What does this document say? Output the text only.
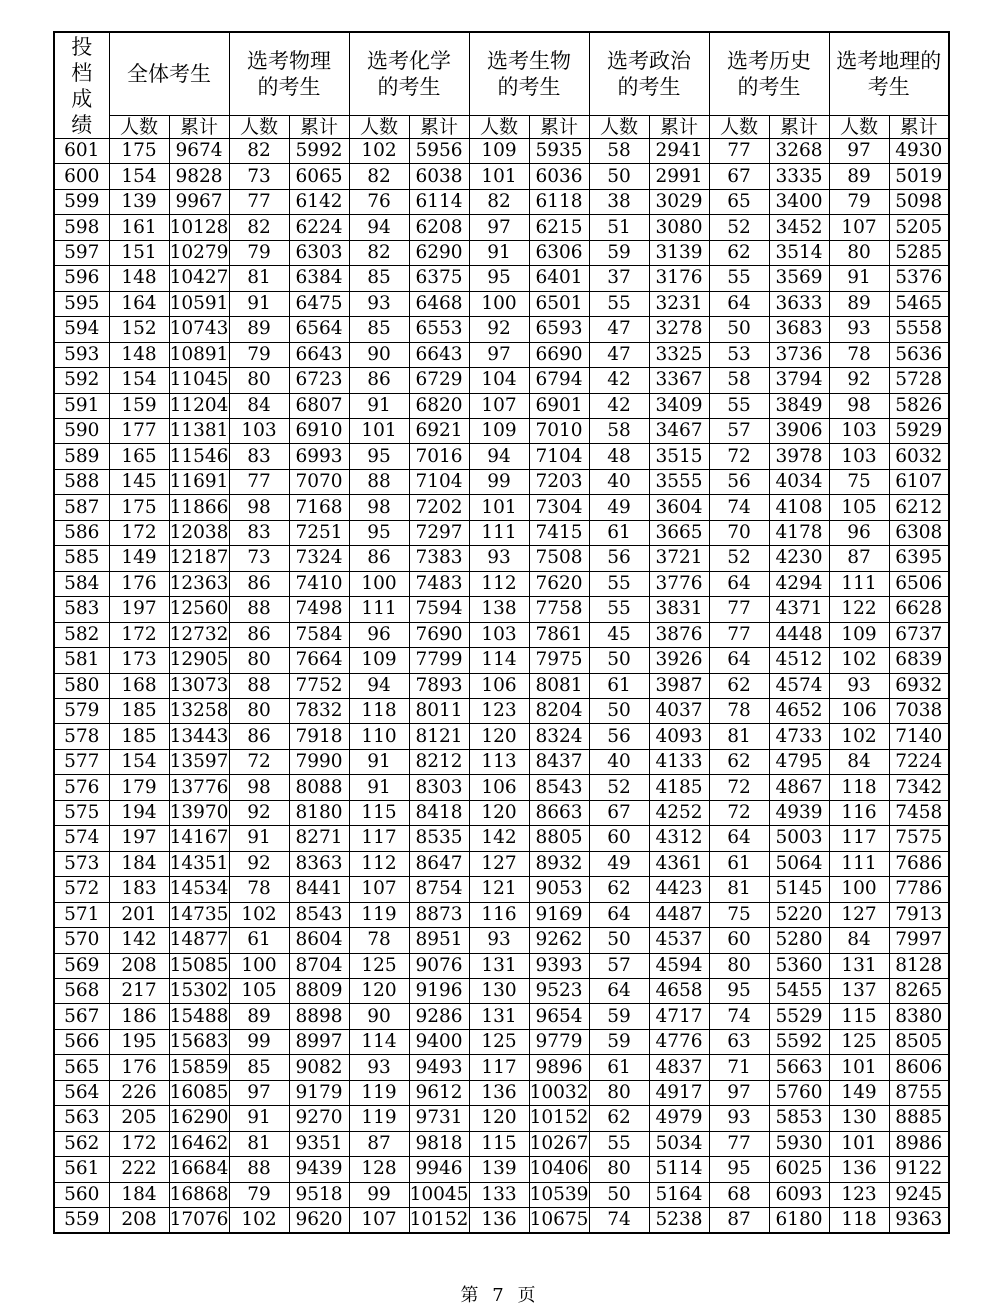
投档成绩	全体考生		选考物理的考生		选考化学的考生		选考生物的考生		选考政治的考生		选考历史的考生		选考地理的考生	
	人数	累计	人数	累计	人数	累计	人数	累计	人数	累计	人数	累计	人数	累计
601	175	9674	82	5992	102	5956	109	5935	58	2941	77	3268	97	4930
600	154	9828	73	6065	82	6038	101	6036	50	2991	67	3335	89	5019
599	139	9967	77	6142	76	6114	82	6118	38	3029	65	3400	79	5098
598	161	10128	82	6224	94	6208	97	6215	51	3080	52	3452	107	5205
597	151	10279	79	6303	82	6290	91	6306	59	3139	62	3514	80	5285
596	148	10427	81	6384	85	6375	95	6401	37	3176	55	3569	91	5376
595	164	10591	91	6475	93	6468	100	6501	55	3231	64	3633	89	5465
594	152	10743	89	6564	85	6553	92	6593	47	3278	50	3683	93	5558
593	148	10891	79	6643	90	6643	97	6690	47	3325	53	3736	78	5636
592	154	11045	80	6723	86	6729	104	6794	42	3367	58	3794	92	5728
591	159	11204	84	6807	91	6820	107	6901	42	3409	55	3849	98	5826
590	177	11381	103	6910	101	6921	109	7010	58	3467	57	3906	103	5929
589	165	11546	83	6993	95	7016	94	7104	48	3515	72	3978	103	6032
588	145	11691	77	7070	88	7104	99	7203	40	3555	56	4034	75	6107
587	175	11866	98	7168	98	7202	101	7304	49	3604	74	4108	105	6212
586	172	12038	83	7251	95	7297	111	7415	61	3665	70	4178	96	6308
585	149	12187	73	7324	86	7383	93	7508	56	3721	52	4230	87	6395
584	176	12363	86	7410	100	7483	112	7620	55	3776	64	4294	111	6506
583	197	12560	88	7498	111	7594	138	7758	55	3831	77	4371	122	6628
582	172	12732	86	7584	96	7690	103	7861	45	3876	77	4448	109	6737
581	173	12905	80	7664	109	7799	114	7975	50	3926	64	4512	102	6839
580	168	13073	88	7752	94	7893	106	8081	61	3987	62	4574	93	6932
579	185	13258	80	7832	118	8011	123	8204	50	4037	78	4652	106	7038
578	185	13443	86	7918	110	8121	120	8324	56	4093	81	4733	102	7140
577	154	13597	72	7990	91	8212	113	8437	40	4133	62	4795	84	7224
576	179	13776	98	8088	91	8303	106	8543	52	4185	72	4867	118	7342
575	194	13970	92	8180	115	8418	120	8663	67	4252	72	4939	116	7458
574	197	14167	91	8271	117	8535	142	8805	60	4312	64	5003	117	7575
573	184	14351	92	8363	112	8647	127	8932	49	4361	61	5064	111	7686
572	183	14534	78	8441	107	8754	121	9053	62	4423	81	5145	100	7786
571	201	14735	102	8543	119	8873	116	9169	64	4487	75	5220	127	7913
570	142	14877	61	8604	78	8951	93	9262	50	4537	60	5280	84	7997
569	208	15085	100	8704	125	9076	131	9393	57	4594	80	5360	131	8128
568	217	15302	105	8809	120	9196	130	9523	64	4658	95	5455	137	8265
567	186	15488	89	8898	90	9286	131	9654	59	4717	74	5529	115	8380
566	195	15683	99	8997	114	9400	125	9779	59	4776	63	5592	125	8505
565	176	15859	85	9082	93	9493	117	9896	61	4837	71	5663	101	8606
564	226	16085	97	9179	119	9612	136	10032	80	4917	97	5760	149	8755
563	205	16290	91	9270	119	9731	120	10152	62	4979	93	5853	130	8885
562	172	16462	81	9351	87	9818	115	10267	55	5034	77	5930	101	8986
561	222	16684	88	9439	128	9946	139	10406	80	5114	95	6025	136	9122
560	184	16868	79	9518	99	10045	133	10539	50	5164	68	6093	123	9245
559	208	17076	102	9620	107	10152	136	10675	74	5238	87	6180	118	9363
第 7 页
